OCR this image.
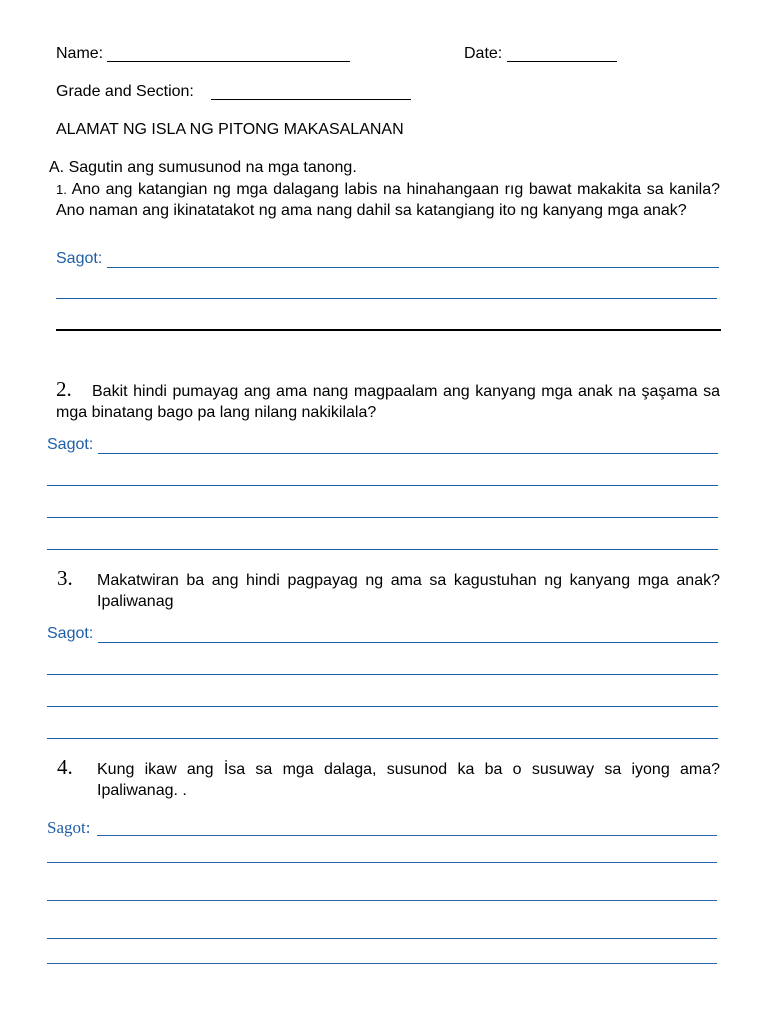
Name:	Date:
Grade and Section:
ALAMAT NG ISLA NG PITONG MAKASALANAN
A. Sagutin ang sumusunod na mga tanong.
1. Ano ang katangian ng mga dalagang labis na hinahangaan rıg bawat makakita sa kanila? Ano naman ang ikinatatakot ng ama nang dahil sa katangiang ito ng kanyang mga anak?
Sagot:
2.	Bakit hindi pumayag ang ama nang magpaalam ang kanyang mga anak na şaşama sa mga binatang bago pa lang nilang nakikilala?
Sagot:
3. Makatwiran ba ang hindi pagpayag ng ama sa kagustuhan ng kanyang mga anak? Ipaliwanag
Sagot:
4. Kung ikaw ang İsa sa mga dalaga, susunod ka ba o susuway sa iyong ama? Ipaliwanag. .
Sagot:
